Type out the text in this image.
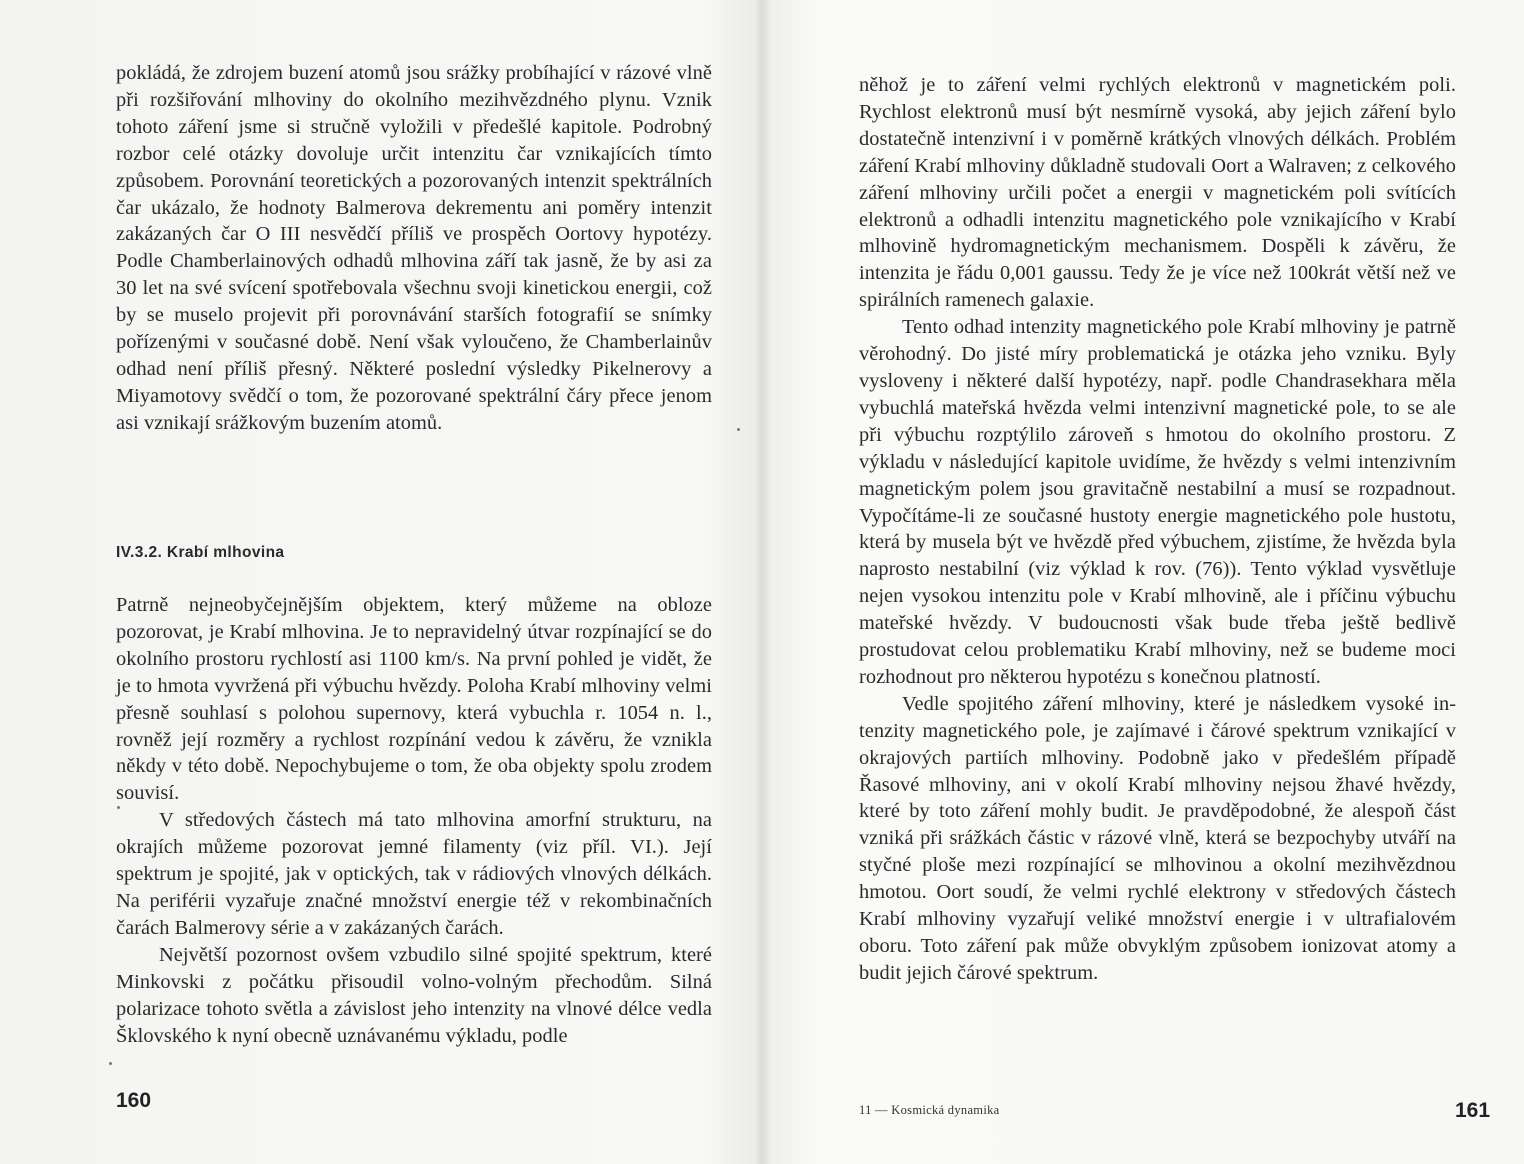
pokládá, že zdrojem buzení atomů jsou srážky probíhající v rázové vlně při rozšiřování mlhoviny do okolního mezihvězdného plynu. Vznik tohoto záření jsme si stručně vyložili v předešlé kapitole. Podrobný rozbor celé otázky dovoluje určit intenzitu čar vznikajících tímto způsobem. Porovnání teoretických a pozorovaných intenzit spektrálních čar ukázalo, že hodnoty Balmerova dekrementu ani poměry intenzit zakázaných čar O III nesvědčí příliš ve prospěch Oortovy hypotézy. Podle Chamberlainových odhadů mlhovina září tak jasně, že by asi za 30 let na své svícení spotřebovala všechnu svoji kinetickou energii, což by se muselo projevit při porovnávání starších fotografií se snímky pořízenými v současné době. Není však vyloučeno, že Chamberlainův odhad není příliš přesný. Některé poslední výsledky Pikelnerovy a Miyamotovy svědčí o tom, že pozorované spektrální čáry přece jenom asi vznikají srážkovým buzením atomů.

IV.3.2. Krabí mlhovina

Patrně nejneobyčejnějším objektem, který můžeme na obloze pozorovat, je Krabí mlhovina. Je to nepravidelný útvar rozpínající se do okolního prostoru rychlostí asi 1100 km/s. Na první pohled je vidět, že je to hmota vyvržená při výbuchu hvězdy. Poloha Krabí mlhoviny velmi přesně souhlasí s polohou supernovy, která vybuchla r. 1054 n. l., rovněž její rozměry a rychlost rozpínání vedou k závěru, že vznikla někdy v této době. Nepochybujeme o tom, že oba objekty spolu zrodem souvisí.

V středových částech má tato mlhovina amorfní strukturu, na okrajích můžeme pozorovat jemné filamenty (viz příl. VI.). Její spektrum je spojité, jak v optických, tak v rádiových vlnových délkách. Na periférii vyzařuje značné množství energie též v rekombinačních čarách Balmerovy série a v zakázaných čarách.

Největší pozornost ovšem vzbudilo silné spojité spektrum, které Minkovski z počátku přisoudil volno-volným přechodům. Silná polarizace tohoto světla a závislost jeho intenzity na vlnové délce vedla Šklovského k nyní obecně uznávanému výkladu, podle

160

něhož je to záření velmi rychlých elektronů v magnetickém poli. Rychlost elektronů musí být nesmírně vysoká, aby jejich záření bylo dostatečně intenzivní i v poměrně krátkých vlnových délkách. Problém záření Krabí mlhoviny důkladně studovali Oort a Walraven; z celkového záření mlhoviny určili počet a energii v magnetickém poli svítících elektronů a odhadli intenzitu magnetického pole vznikajícího v Krabí mlhovině hydromagnetickým mechanismem. Dospěli k závěru, že intenzita je řádu 0,001 gaussu. Tedy že je více než 100krát větší než ve spirálních ramenech galaxie.

Tento odhad intenzity magnetického pole Krabí mlhoviny je patrně věrohodný. Do jisté míry problematická je otázka jeho vzniku. Byly vysloveny i některé další hypotézy, např. podle Chandrasekhara měla vybuchlá mateřská hvězda velmi intenzivní magnetické pole, to se ale při výbuchu rozptýlilo zároveň s hmotou do okolního prostoru. Z výkladu v následující kapitole uvidíme, že hvězdy s velmi intenzivním magnetickým polem jsou gravitačně nestabilní a musí se rozpadnout. Vypočítáme-li ze současné hustoty energie magnetického pole hustotu, která by musela být ve hvězdě před výbuchem, zjistíme, že hvězda byla naprosto nestabilní (viz výklad k rov. (76)). Tento výklad vysvětluje nejen vysokou intenzitu pole v Krabí mlhovině, ale i příčinu výbuchu mateřské hvězdy. V budoucnosti však bude třeba ještě bedlivě prostudovat celou problematiku Krabí mlhoviny, než se budeme moci rozhodnout pro některou hypotézu s konečnou platností.

Vedle spojitého záření mlhoviny, které je následkem vysoké intenzity magnetického pole, je zajímavé i čárové spektrum vznikající v okrajových partiích mlhoviny. Podobně jako v předešlém případě Řasové mlhoviny, ani v okolí Krabí mlhoviny nejsou žhavé hvězdy, které by toto záření mohly budit. Je pravděpodobné, že alespoň část vzniká při srážkách částic v rázové vlně, která se bezpochyby utváří na styčné ploše mezi rozpínající se mlhovinou a okolní mezihvězdnou hmotou. Oort soudí, že velmi rychlé elektrony v středových částech Krabí mlhoviny vyzařují veliké množství energie i v ultrafialovém oboru. Toto záření pak může obvyklým způsobem ionizovat atomy a budit jejich čárové spektrum.

11 — Kosmická dynamika	161
